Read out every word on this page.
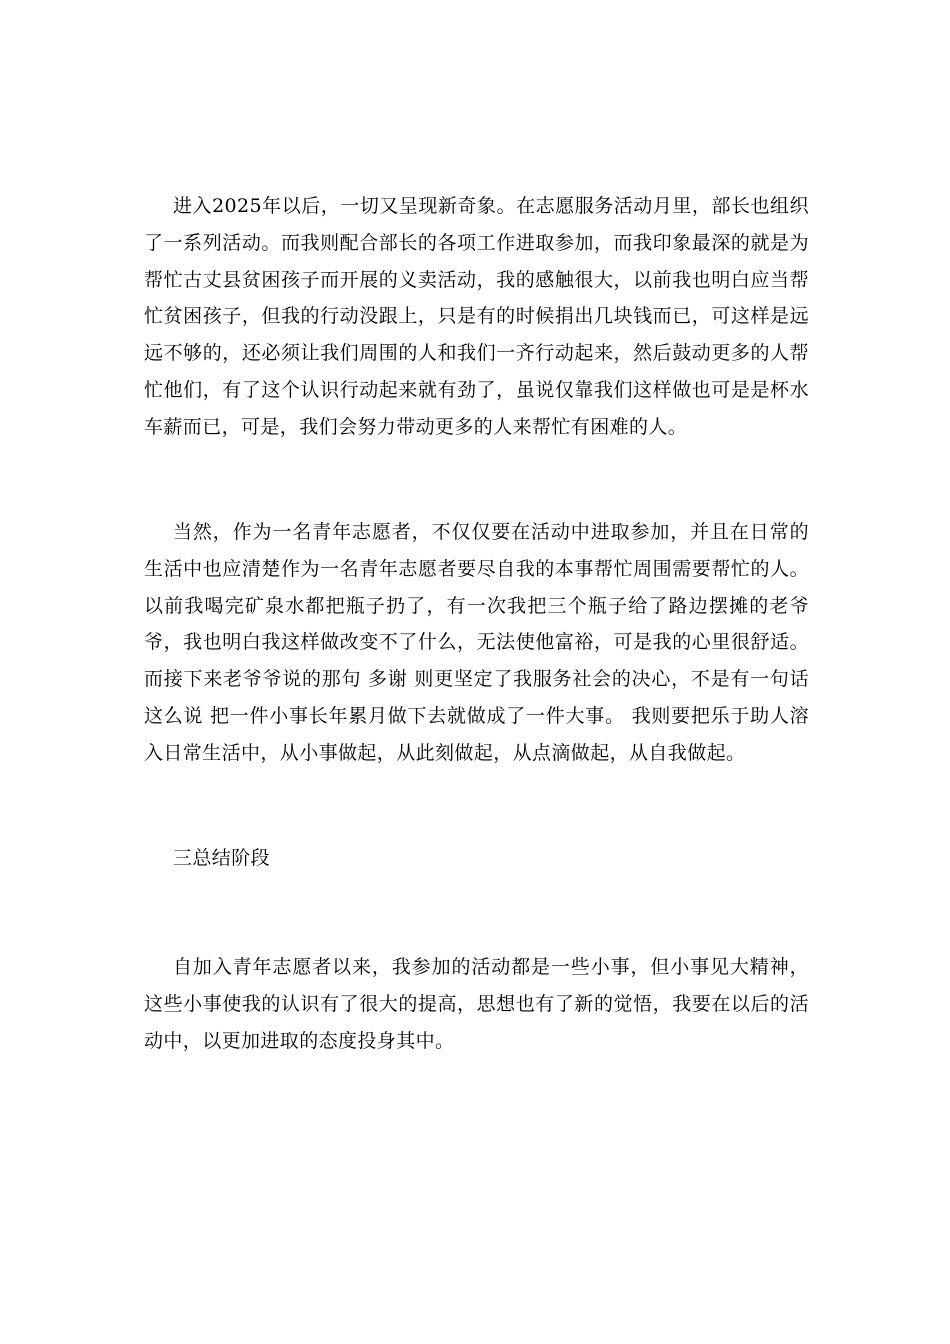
进入2025年以后，一切又呈现新奇象。在志愿服务活动月里，部长也组织了一系列活动。而我则配合部长的各项工作进取参加，而我印象最深的就是为帮忙古丈县贫困孩子而开展的义卖活动，我的感触很大，以前我也明白应当帮忙贫困孩子，但我的行动没跟上，只是有的时候捐出几块钱而已，可这样是远远不够的，还必须让我们周围的人和我们一齐行动起来，然后鼓动更多的人帮忙他们，有了这个认识行动起来就有劲了，虽说仅靠我们这样做也可是是杯水车薪而已，可是，我们会努力带动更多的人来帮忙有困难的人。

当然，作为一名青年志愿者，不仅仅要在活动中进取参加，并且在日常的生活中也应清楚作为一名青年志愿者要尽自我的本事帮忙周围需要帮忙的人。以前我喝完矿泉水都把瓶子扔了，有一次我把三个瓶子给了路边摆摊的老爷爷，我也明白我这样做改变不了什么，无法使他富裕，可是我的心里很舒适。而接下来老爷爷说的那句 多谢 则更坚定了我服务社会的决心，不是有一句话这么说 把一件小事长年累月做下去就做成了一件大事。 我则要把乐于助人溶入日常生活中，从小事做起，从此刻做起，从点滴做起，从自我做起。

三总结阶段

自加入青年志愿者以来，我参加的活动都是一些小事，但小事见大精神，这些小事使我的认识有了很大的提高，思想也有了新的觉悟，我要在以后的活动中，以更加进取的态度投身其中。
